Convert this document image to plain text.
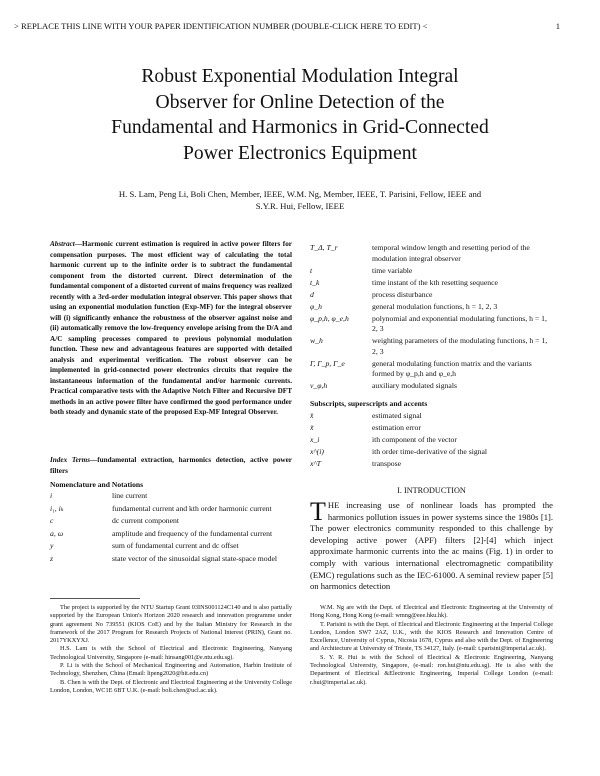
> REPLACE THIS LINE WITH YOUR PAPER IDENTIFICATION NUMBER (DOUBLE-CLICK HERE TO EDIT) <	1
Robust Exponential Modulation Integral
Observer for Online Detection of the
Fundamental and Harmonics in Grid-Connected
Power Electronics Equipment
H. S. Lam, Peng Li, Boli Chen, Member, IEEE, W.M. Ng, Member, IEEE, T. Parisini, Fellow, IEEE and
S.Y.R. Hui, Fellow, IEEE
Abstract—Harmonic current estimation is required in active power filters for compensation purposes. The most efficient way of calculating the total harmonic current up to the infinite order is to subtract the fundamental component from the distorted current. Direct determination of the fundamental component of a distorted current of mains frequency was realized recently with a 3rd-order modulation integral observer. This paper shows that using an exponential modulation function (Exp-MF) for the integral observer will (i) significantly enhance the robustness of the observer against noise and (ii) automatically remove the low-frequency envelope arising from the D/A and A/C sampling processes compared to previous polynomial modulation function. These new and advantageous features are supported with detailed analysis and experimental verification. The robust observer can be implemented in grid-connected power electronics circuits that require the instantaneous information of the fundamental and/or harmonic currents. Practical comparative tests with the Adaptive Notch Filter and Recursive DFT methods in an active power filter have confirmed the good performance under both steady and dynamic state of the proposed Exp-MF Integral Observer.
Index Terms—fundamental extraction, harmonics detection, active power filters
Nomenclature and Notations
i	line current
i₁, iₖ	fundamental current and kth order harmonic current
c	dc current component
a, ω	amplitude and frequency of the fundamental current
y	sum of fundamental current and dc offset
z	state vector of the sinusoidal signal state-space model
T_Δ, T_r	temporal window length and resetting period of the modulation integral observer
t	time variable
t_k	time instant of the kth resetting sequence
d	process disturbance
φ_h	general modulation functions, h = 1, 2, 3
φ_p,h, φ_e,h	polynomial and exponential modulating functions, h = 1, 2, 3
w_h	weighting parameters of the modulating functions, h = 1, 2, 3
Γ, Γ_p, Γ_e	general modulating function matrix and the variants formed by φ_p,h and φ_e,h
v_φ,h	auxiliary modulated signals
Subscripts, superscripts and accents
x̂	estimated signal
x̃	estimation error
x_i	ith component of the vector
x^(i)	ith order time-derivative of the signal
x^T	transpose
I. INTRODUCTION
THE increasing use of nonlinear loads has prompted the harmonics pollution issues in power systems since the 1980s [1]. The power electronics community responded to this challenge by developing active power (APF) filters [2]-[4] which inject approximate harmonic currents into the ac mains (Fig. 1) in order to comply with various international electromagnetic compatibility (EMC) regulations such as the IEC-61000. A seminal review paper [5] on harmonics detection

The project is supported by the NTU Startup Grant 03INS001124C140 and is also partially supported by the European Union's Horizon 2020 research and innovation programme under grant agreement No 739551 (KIOS CoE) and by the Italian Ministry for Research in the framework of the 2017 Program for Research Projects of National Interest (PRIN), Grant no. 2017YKXYXJ.

H.S. Lam is with the School of Electrical and Electronic Engineering, Nanyang Technological University, Singapore (e-mail: hinsang001@e.ntu.edu.sg).

P. Li is with the School of Mechanical Engineering and Automation, Harbin Institute of Technology, Shenzhen, China (Email: lipeng2020@hit.edu.cn)

B. Chen is with the Dept. of Electronic and Electrical Engineering at the University College London, London, WC1E 6BT U.K. (e-mail: boli.chen@ucl.ac.uk).

W.M. Ng are with the Dept. of Electrical and Electronic Engineering at the University of Hong Kong, Hong Kong (e-mail: wmng@eee.hku.hk).

T. Parisini is with the Dept. of Electrical and Electronic Engineering at the Imperial College London, London SW7 2AZ, U.K., with the KIOS Research and Innovation Centre of Excellence, University of Cyprus, Nicosia 1678, Cyprus and also with the Dept. of Engineering and Architecture at University of Trieste, TS 34127, Italy. (e-mail: t.parisini@imperial.ac.uk).

S. Y. R. Hui is with the School of Electrical & Electronic Engineering, Nanyang Technological University, Singapore, (e-mail: ron.hui@ntu.edu.sg). He is also with the Department of Electrical &Electronic Engineering, Imperial College London (e-mail: r.hui@imperial.ac.uk).
